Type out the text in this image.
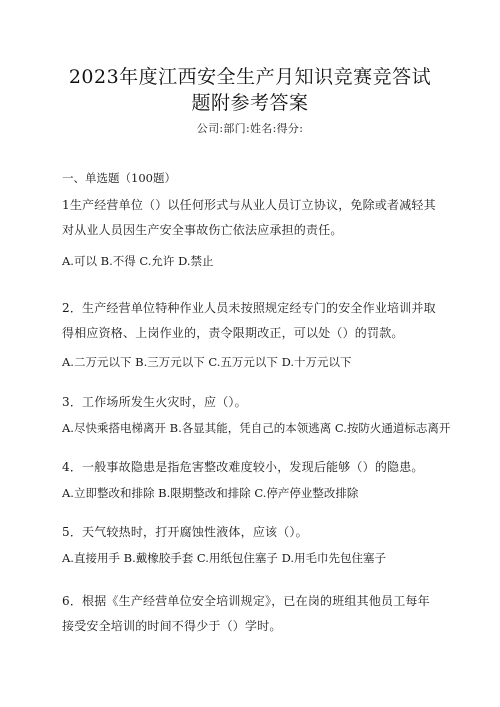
2023年度江西安全生产月知识竞赛竞答试
题附参考答案
公司:部门:姓名:得分:
一、单选题（100题）
1生产经营单位（）以任何形式与从业人员订立协议，免除或者减轻其对从业人员因生产安全事故伤亡依法应承担的责任。
A.可以 B.不得 C.允许 D.禁止
2．生产经营单位特种作业人员未按照规定经专门的安全作业培训并取得相应资格、上岗作业的，责令限期改正，可以处（）的罚款。
A.二万元以下 B.三万元以下 C.五万元以下 D.十万元以下
3．工作场所发生火灾时，应（）。
A.尽快乘搭电梯离开 B.各显其能，凭自己的本领逃离 C.按防火通道标志离开
4．一般事故隐患是指危害整改难度较小，发现后能够（）的隐患。
A.立即整改和排除 B.限期整改和排除 C.停产停业整改排除
5．天气较热时，打开腐蚀性液体，应该（）。
A.直接用手 B.戴橡胶手套 C.用纸包住塞子 D.用毛巾先包住塞子
6．根据《生产经营单位安全培训规定》，已在岗的班组其他员工每年接受安全培训的时间不得少于（）学时。
